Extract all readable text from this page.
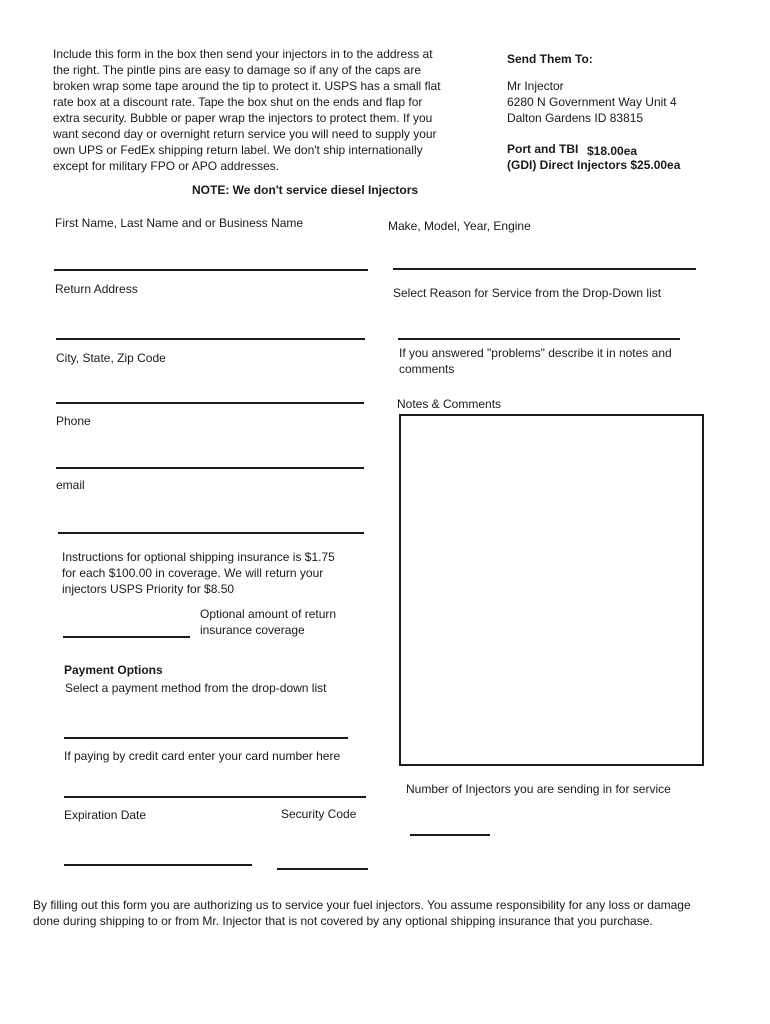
Include this form in the box then send your injectors in to the address at
the right. The pintle pins are easy to damage so if any of the caps are
broken wrap some tape around the tip to protect it. USPS has a small flat
rate box at a discount rate. Tape the box shut on the ends and flap for
extra security. Bubble or paper wrap the injectors to protect them. If you
want second day or overnight return service you will need to supply your
own UPS or FedEx shipping return label. We don't ship internationally
except for military FPO or APO addresses.
Send Them To:
Mr Injector
6280 N Government Way Unit 4
Dalton Gardens ID 83815
Port and TBI $18.00ea
(GDI) Direct Injectors $25.00ea
NOTE: We don't service diesel Injectors
First Name, Last Name and or Business Name
Return Address
City, State, Zip Code
Phone
email
Instructions for optional shipping insurance is $1.75
for each $100.00 in coverage. We will return your
injectors USPS Priority for $8.50
Optional amount of return
insurance coverage
Payment Options
Select a payment method from the drop-down list
If paying by credit card enter your card number here
Expiration Date	Security Code
Make, Model, Year, Engine
Select Reason for Service from the Drop-Down list
If you answered "problems" describe it in notes and
comments
Notes & Comments
Number of Injectors you are sending in for service
By filling out this form you are authorizing us to service your fuel injectors. You assume responsibility for any loss or damage
done during shipping to or from Mr. Injector that is not covered by any optional shipping insurance that you purchase.
